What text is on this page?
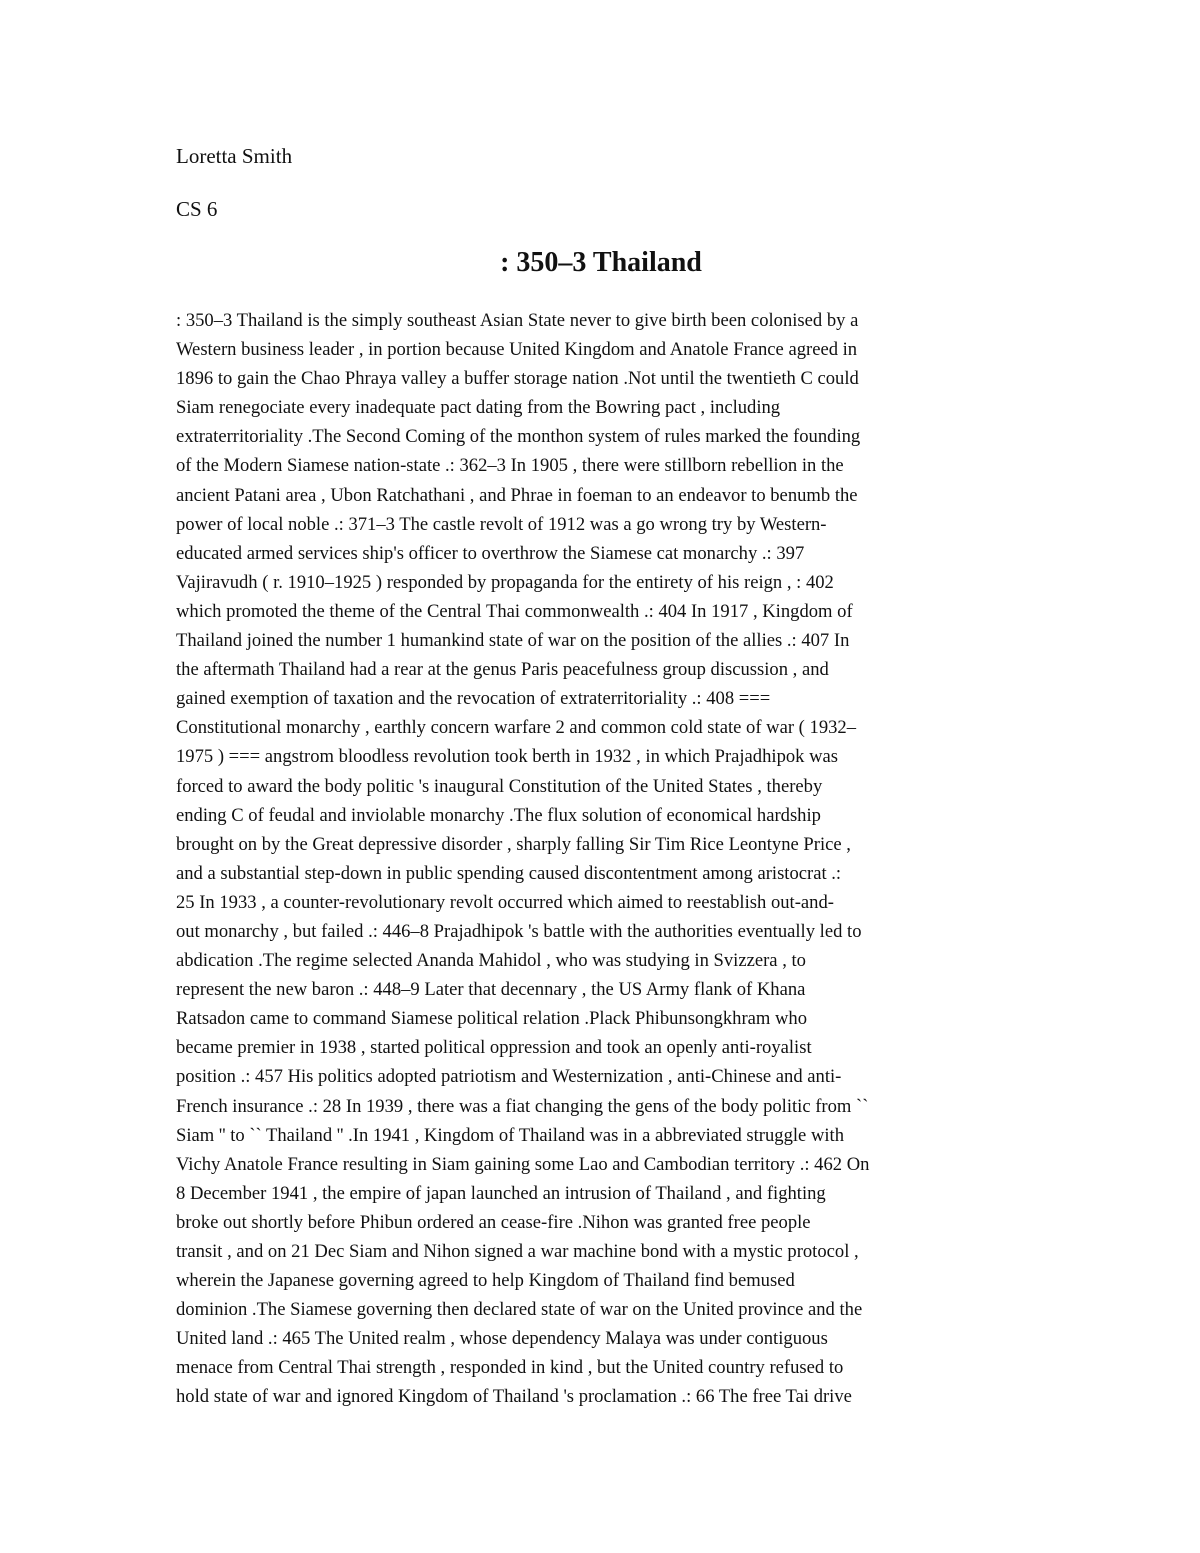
Loretta Smith
CS 6
: 350–3 Thailand
: 350–3 Thailand is the simply southeast Asian State never to give birth been colonised by a
Western business leader , in portion because United Kingdom and Anatole France agreed in
1896 to gain the Chao Phraya valley a buffer storage nation .Not until the twentieth C could
Siam renegociate every inadequate pact dating from the Bowring pact , including
extraterritoriality .The Second Coming of the monthon system of rules marked the founding
of the Modern Siamese nation-state .: 362–3 In 1905 , there were stillborn rebellion in the
ancient Patani area , Ubon Ratchathani , and Phrae in foeman to an endeavor to benumb the
power of local noble .: 371–3 The castle revolt of 1912 was a go wrong try by Western-
educated armed services ship's officer to overthrow the Siamese cat monarchy .: 397
Vajiravudh ( r. 1910–1925 ) responded by propaganda for the entirety of his reign , : 402
which promoted the theme of the Central Thai commonwealth .: 404 In 1917 , Kingdom of
Thailand joined the number 1 humankind state of war on the position of the allies .: 407 In
the aftermath Thailand had a rear at the genus Paris peacefulness group discussion , and
gained exemption of taxation and the revocation of extraterritoriality .: 408 ===
Constitutional monarchy , earthly concern warfare 2 and common cold state of war ( 1932–
1975 ) === angstrom bloodless revolution took berth in 1932 , in which Prajadhipok was
forced to award the body politic 's inaugural Constitution of the United States , thereby
ending C of feudal and inviolable monarchy .The flux solution of economical hardship
brought on by the Great depressive disorder , sharply falling Sir Tim Rice Leontyne Price ,
and a substantial step-down in public spending caused discontentment among aristocrat .:
25 In 1933 , a counter-revolutionary revolt occurred which aimed to reestablish out-and-
out monarchy , but failed .: 446–8 Prajadhipok 's battle with the authorities eventually led to
abdication .The regime selected Ananda Mahidol , who was studying in Svizzera , to
represent the new baron .: 448–9 Later that decennary , the US Army flank of Khana
Ratsadon came to command Siamese political relation .Plack Phibunsongkhram who
became premier in 1938 , started political oppression and took an openly anti-royalist
position .: 457 His politics adopted patriotism and Westernization , anti-Chinese and anti-
French insurance .: 28 In 1939 , there was a fiat changing the gens of the body politic from ``
Siam '' to `` Thailand '' .In 1941 , Kingdom of Thailand was in a abbreviated struggle with
Vichy Anatole France resulting in Siam gaining some Lao and Cambodian territory .: 462 On
8 December 1941 , the empire of japan launched an intrusion of Thailand , and fighting
broke out shortly before Phibun ordered an cease-fire .Nihon was granted free people
transit , and on 21 Dec Siam and Nihon signed a war machine bond with a mystic protocol ,
wherein the Japanese governing agreed to help Kingdom of Thailand find bemused
dominion .The Siamese governing then declared state of war on the United province and the
United land .: 465 The United realm , whose dependency Malaya was under contiguous
menace from Central Thai strength , responded in kind , but the United country refused to
hold state of war and ignored Kingdom of Thailand 's proclamation .: 66 The free Tai drive
